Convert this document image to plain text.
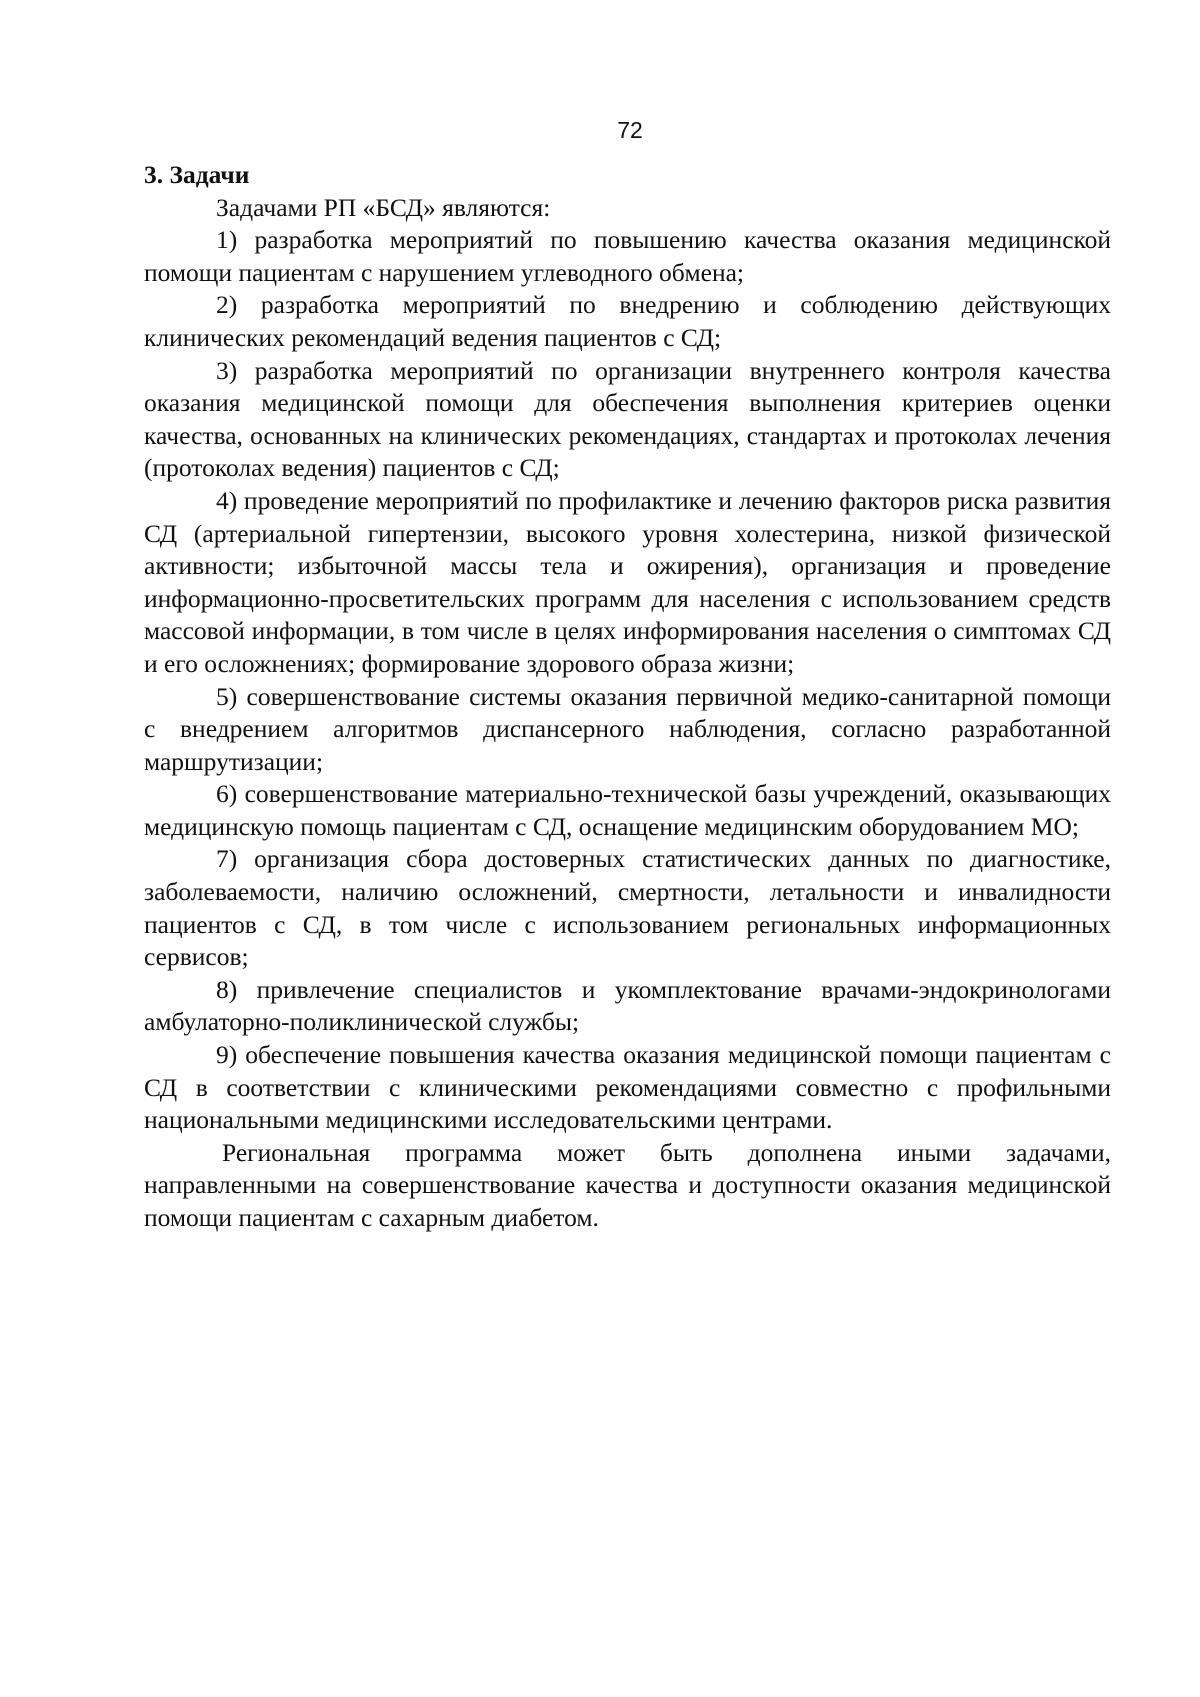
72

3. Задачи

Задачами РП «БСД» являются:

1) разработка мероприятий по повышению качества оказания медицинской помощи пациентам с нарушением углеводного обмена;

2) разработка мероприятий по внедрению и соблюдению действующих клинических рекомендаций ведения пациентов с СД;

3) разработка мероприятий по организации внутреннего контроля качества оказания медицинской помощи для обеспечения выполнения критериев оценки качества, основанных на клинических рекомендациях, стандартах и протоколах лечения (протоколах ведения) пациентов с СД;

4) проведение мероприятий по профилактике и лечению факторов риска развития СД (артериальной гипертензии, высокого уровня холестерина, низкой физической активности; избыточной массы тела и ожирения), организация и проведение информационно-просветительских программ для населения с использованием средств массовой информации, в том числе в целях информирования населения о симптомах СД и его осложнениях; формирование здорового образа жизни;

5) совершенствование системы оказания первичной медико-санитарной помощи с внедрением алгоритмов диспансерного наблюдения, согласно разработанной маршрутизации;

6) совершенствование материально-технической базы учреждений, оказывающих медицинскую помощь пациентам с СД, оснащение медицинским оборудованием МО;

7) организация сбора достоверных статистических данных по диагностике, заболеваемости, наличию осложнений, смертности, летальности и инвалидности пациентов с СД, в том числе с использованием региональных информационных сервисов;

8) привлечение специалистов и укомплектование врачами-эндокринологами амбулаторно-поликлинической службы;

9) обеспечение повышения качества оказания медицинской помощи пациентам с СД в соответствии с клиническими рекомендациями совместно с профильными национальными медицинскими исследовательскими центрами.

Региональная программа может быть дополнена иными задачами, направленными на совершенствование качества и доступности оказания медицинской помощи пациентам с сахарным диабетом.
